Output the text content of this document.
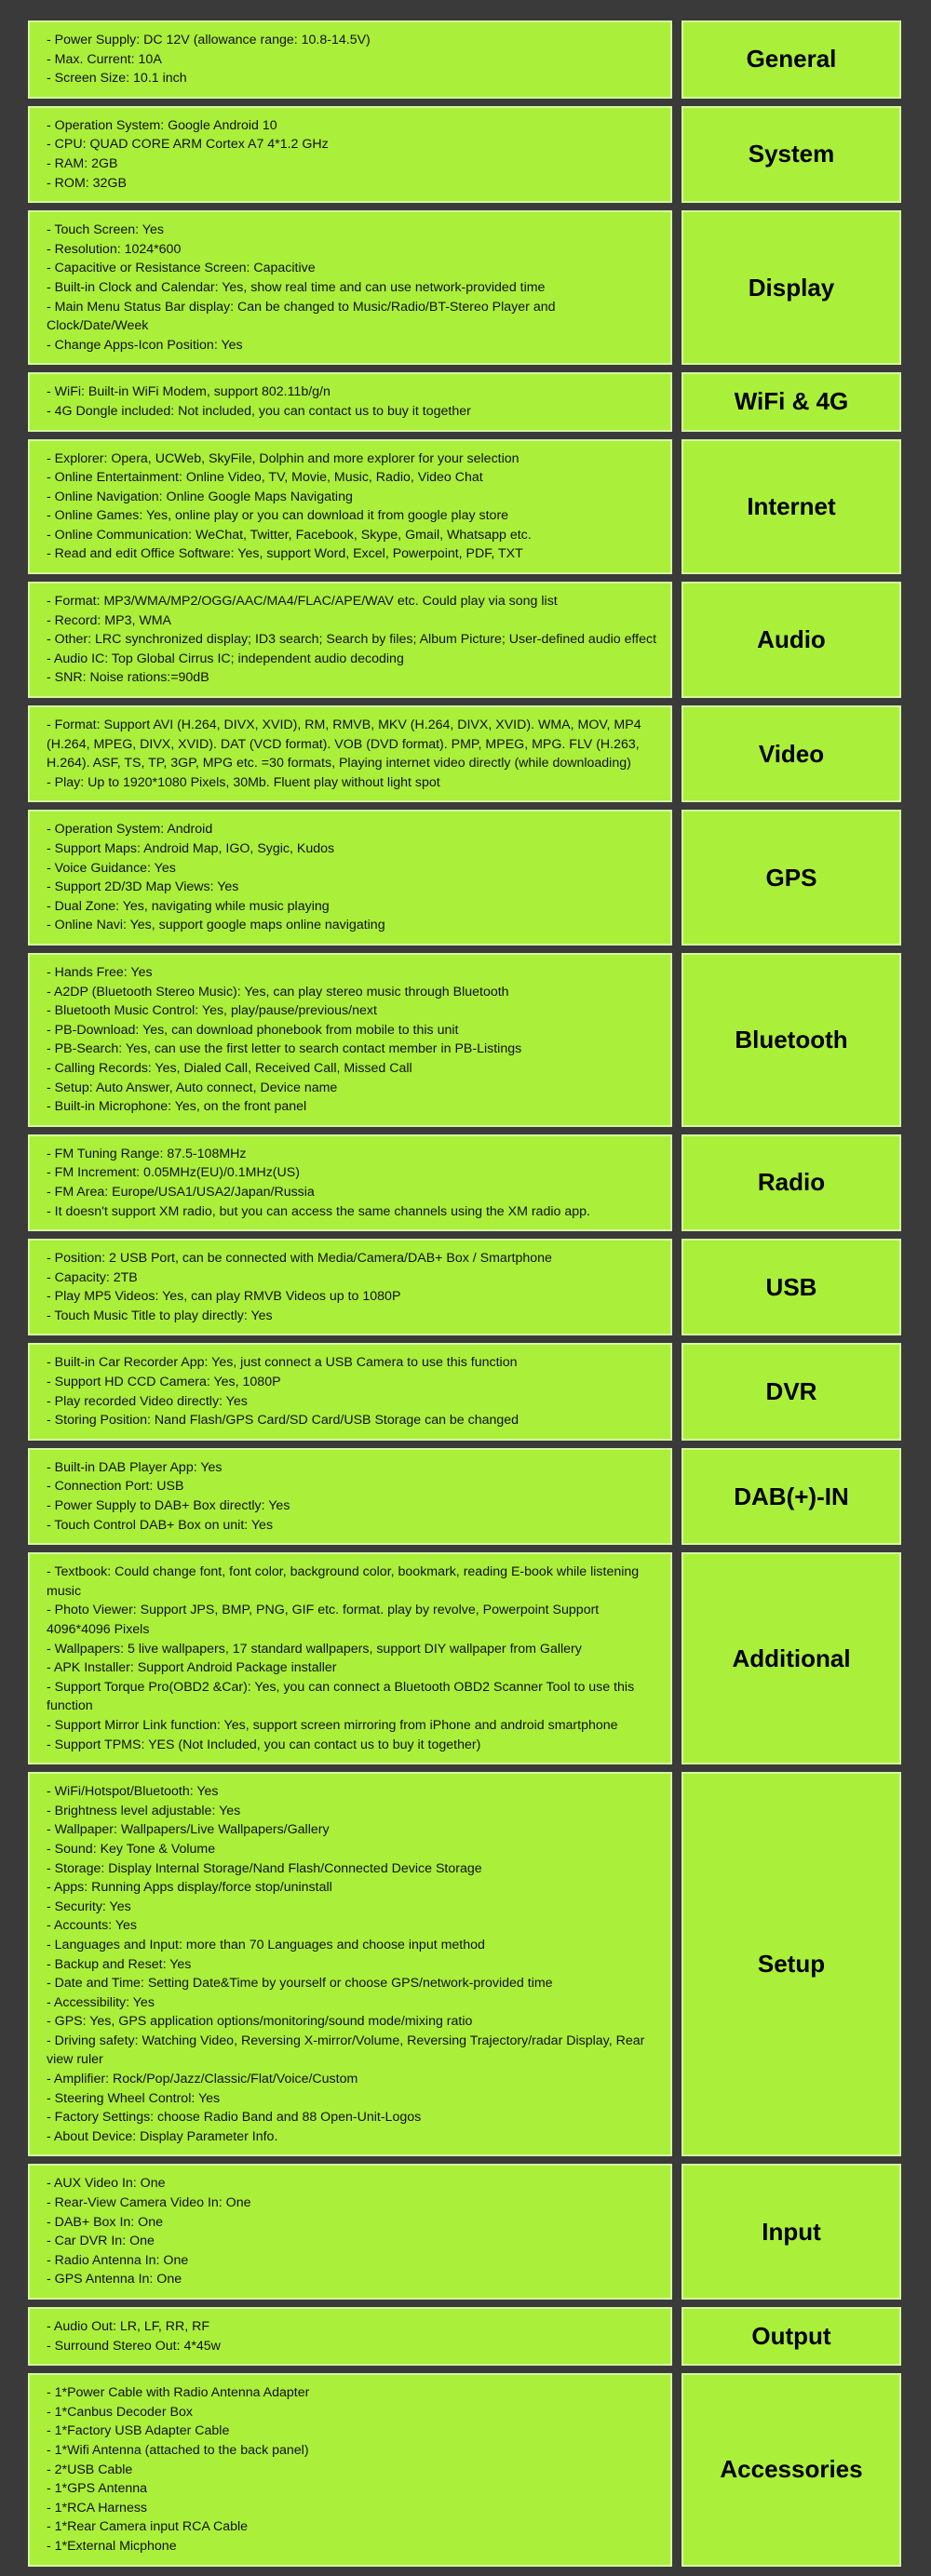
- Power Supply: DC 12V (allowance range: 10.8-14.5V)
- Max. Current: 10A
- Screen Size: 10.1 inch
General
- Operation System: Google Android 10
- CPU: QUAD CORE ARM Cortex A7 4*1.2 GHz
- RAM: 2GB
- ROM: 32GB
System
- Touch Screen: Yes
- Resolution: 1024*600
- Capacitive or Resistance Screen: Capacitive
- Built-in Clock and Calendar: Yes, show real time and can use network-provided time
- Main Menu Status Bar display: Can be changed to Music/Radio/BT-Stereo Player and Clock/Date/Week
- Change Apps-Icon Position: Yes
Display
- WiFi: Built-in WiFi Modem, support 802.11b/g/n
- 4G Dongle included: Not included, you can contact us to buy it together	WiFi & 4G
- Explorer: Opera, UCWeb, SkyFile, Dolphin and more explorer for your selection
- Online Entertainment: Online Video, TV, Movie, Music, Radio, Video Chat
- Online Navigation: Online Google Maps Navigating
- Online Games: Yes, online play or you can download it from google play store
- Online Communication: WeChat, Twitter, Facebook, Skype, Gmail, Whatsapp etc.
- Read and edit Office Software: Yes, support Word, Excel, Powerpoint, PDF, TXT
Internet
- Format: MP3/WMA/MP2/OGG/AAC/MA4/FLAC/APE/WAV etc. Could play via song list
- Record: MP3, WMA
- Other: LRC synchronized display; ID3 search; Search by files; Album Picture; User-defined audio effect
- Audio IC: Top Global Cirrus IC; independent audio decoding
- SNR: Noise rations:=90dB
Audio
- Format: Support AVI (H.264, DIVX, XVID), RM, RMVB, MKV (H.264, DIVX, XVID). WMA, MOV, MP4 (H.264, MPEG, DIVX, XVID). DAT (VCD format). VOB (DVD format). PMP, MPEG, MPG. FLV (H.263, H.264). ASF, TS, TP, 3GP, MPG etc. =30 formats, Playing internet video directly (while downloading)
- Play: Up to 1920*1080 Pixels, 30Mb. Fluent play without light spot
Video
- Operation System: Android
- Support Maps: Android Map, IGO, Sygic, Kudos
- Voice Guidance: Yes
- Support 2D/3D Map Views: Yes
- Dual Zone: Yes, navigating while music playing
- Online Navi: Yes, support google maps online navigating
GPS
- Hands Free: Yes
- A2DP (Bluetooth Stereo Music): Yes, can play stereo music through Bluetooth
- Bluetooth Music Control: Yes, play/pause/previous/next
- PB-Download: Yes, can download phonebook from mobile to this unit
- PB-Search: Yes, can use the first letter to search contact member in PB-Listings
- Calling Records: Yes, Dialed Call, Received Call, Missed Call
- Setup: Auto Answer, Auto connect, Device name
- Built-in Microphone: Yes, on the front panel
Bluetooth
- FM Tuning Range: 87.5-108MHz
- FM Increment: 0.05MHz(EU)/0.1MHz(US)
- FM Area: Europe/USA1/USA2/Japan/Russia
- It doesn't support XM radio, but you can access the same channels using the XM radio app.
Radio
- Position: 2 USB Port, can be connected with Media/Camera/DAB+ Box / Smartphone
- Capacity: 2TB
- Play MP5 Videos: Yes, can play RMVB Videos up to 1080P
- Touch Music Title to play directly: Yes
USB
- Built-in Car Recorder App: Yes, just connect a USB Camera to use this function
- Support HD CCD Camera: Yes, 1080P
- Play recorded Video directly: Yes
- Storing Position: Nand Flash/GPS Card/SD Card/USB Storage can be changed
DVR
- Built-in DAB Player App: Yes
- Connection Port: USB
- Power Supply to DAB+ Box directly: Yes
- Touch Control DAB+ Box on unit: Yes
DAB(+)-IN
- Textbook: Could change font, font color, background color, bookmark, reading E-book while listening music
- Photo Viewer: Support JPS, BMP, PNG, GIF etc. format. play by revolve, Powerpoint Support 4096*4096 Pixels
- Wallpapers: 5 live wallpapers, 17 standard wallpapers, support DIY wallpaper from Gallery
- APK Installer: Support Android Package installer
- Support Torque Pro(OBD2 &Car): Yes, you can connect a Bluetooth OBD2 Scanner Tool to use this function
- Support Mirror Link function: Yes, support screen mirroring from iPhone and android smartphone
- Support TPMS: YES (Not Included, you can contact us to buy it together)
Additional
- WiFi/Hotspot/Bluetooth: Yes
- Brightness level adjustable: Yes
- Wallpaper: Wallpapers/Live Wallpapers/Gallery
- Sound: Key Tone & Volume
- Storage: Display Internal Storage/Nand Flash/Connected Device Storage
- Apps: Running Apps display/force stop/uninstall
- Security: Yes
- Accounts: Yes
- Languages and Input: more than 70 Languages and choose input method
- Backup and Reset: Yes
- Date and Time: Setting Date&Time by yourself or choose GPS/network-provided time
- Accessibility: Yes
- GPS: Yes, GPS application options/monitoring/sound mode/mixing ratio
- Driving safety: Watching Video, Reversing X-mirror/Volume, Reversing Trajectory/radar Display, Rear view ruler
- Amplifier: Rock/Pop/Jazz/Classic/Flat/Voice/Custom
- Steering Wheel Control: Yes
- Factory Settings: choose Radio Band and 88 Open-Unit-Logos
- About Device: Display Parameter Info.
Setup
- AUX Video In: One
- Rear-View Camera Video In: One
- DAB+ Box In: One
- Car DVR In: One
- Radio Antenna In: One
- GPS Antenna In: One
Input
- Audio Out: LR, LF, RR, RF
- Surround Stereo Out: 4*45w	Output
- 1*Power Cable with Radio Antenna Adapter
- 1*Canbus Decoder Box
- 1*Factory USB Adapter Cable
- 1*Wifi Antenna (attached to the back panel)
- 2*USB Cable
- 1*GPS Antenna
- 1*RCA Harness
- 1*Rear Camera input RCA Cable
- 1*External Micphone
Accessories
